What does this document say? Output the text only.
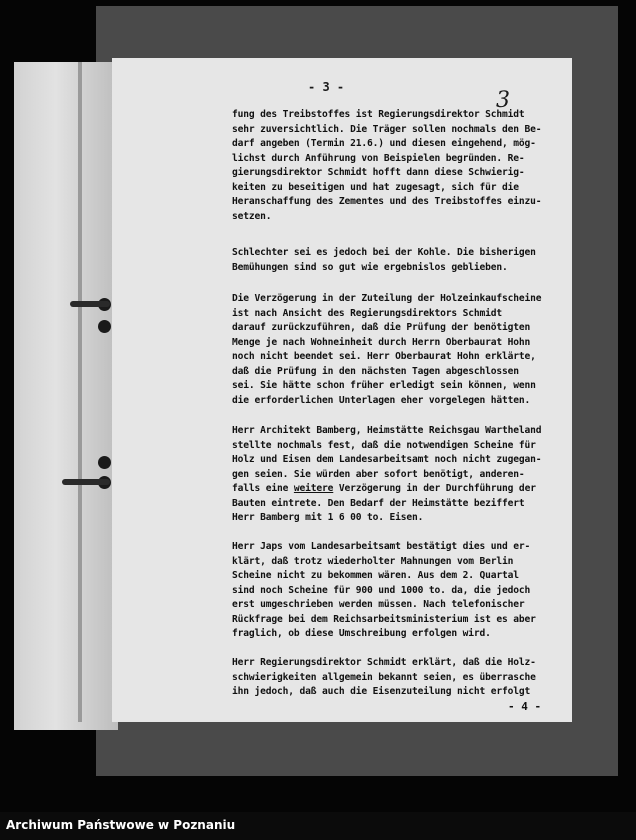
- 3 -
3
fung des Treibstoffes ist Regierungsdirektor Schmidt
sehr zuversichtlich. Die Träger sollen nochmals den Be-
darf angeben (Termin 21.6.) und diesen eingehend, mög-
lichst durch Anführung von Beispielen begründen. Re-
gierungsdirektor Schmidt hofft dann diese Schwierig-
keiten zu beseitigen und hat zugesagt, sich für die
Heranschaffung des Zementes und des Treibstoffes einzu-
setzen.
Schlechter sei es jedoch bei der Kohle. Die bisherigen
Bemühungen sind so gut wie ergebnislos geblieben.
Die Verzögerung in der Zuteilung der Holzeinkaufscheine
ist nach Ansicht des Regierungsdirektors Schmidt
darauf zurückzuführen, daß die Prüfung der benötigten
Menge je nach Wohneinheit durch Herrn Oberbaurat Hohn
noch nicht beendet sei. Herr Oberbaurat Hohn erklärte,
daß die Prüfung in den nächsten Tagen abgeschlossen
sei. Sie hätte schon früher erledigt sein können, wenn
die erforderlichen Unterlagen eher vorgelegen hätten.
Herr Architekt Bamberg, Heimstätte Reichsgau Wartheland
stellte nochmals fest, daß die notwendigen Scheine für
Holz und Eisen dem Landesarbeitsamt noch nicht zugegan-
gen seien. Sie würden aber sofort benötigt, anderen-
falls eine weitere Verzögerung in der Durchführung der
Bauten eintrete. Den Bedarf der Heimstätte beziffert
Herr Bamberg mit 1 6 00 to. Eisen.
Herr Japs vom Landesarbeitsamt bestätigt dies und er-
klärt, daß trotz wiederholter Mahnungen vom Berlin
Scheine nicht zu bekommen wären. Aus dem 2. Quartal
sind noch Scheine für 900 und 1000 to. da, die jedoch
erst umgeschrieben werden müssen. Nach telefonischer
Rückfrage bei dem Reichsarbeitsministerium ist es aber
fraglich, ob diese Umschreibung erfolgen wird.
Herr Regierungsdirektor Schmidt erklärt, daß die Holz-
schwierigkeiten allgemein bekannt seien, es überrasche
ihn jedoch, daß auch die Eisenzuteilung nicht erfolgt
- 4 -
Archiwum Państwowe w Poznaniu
